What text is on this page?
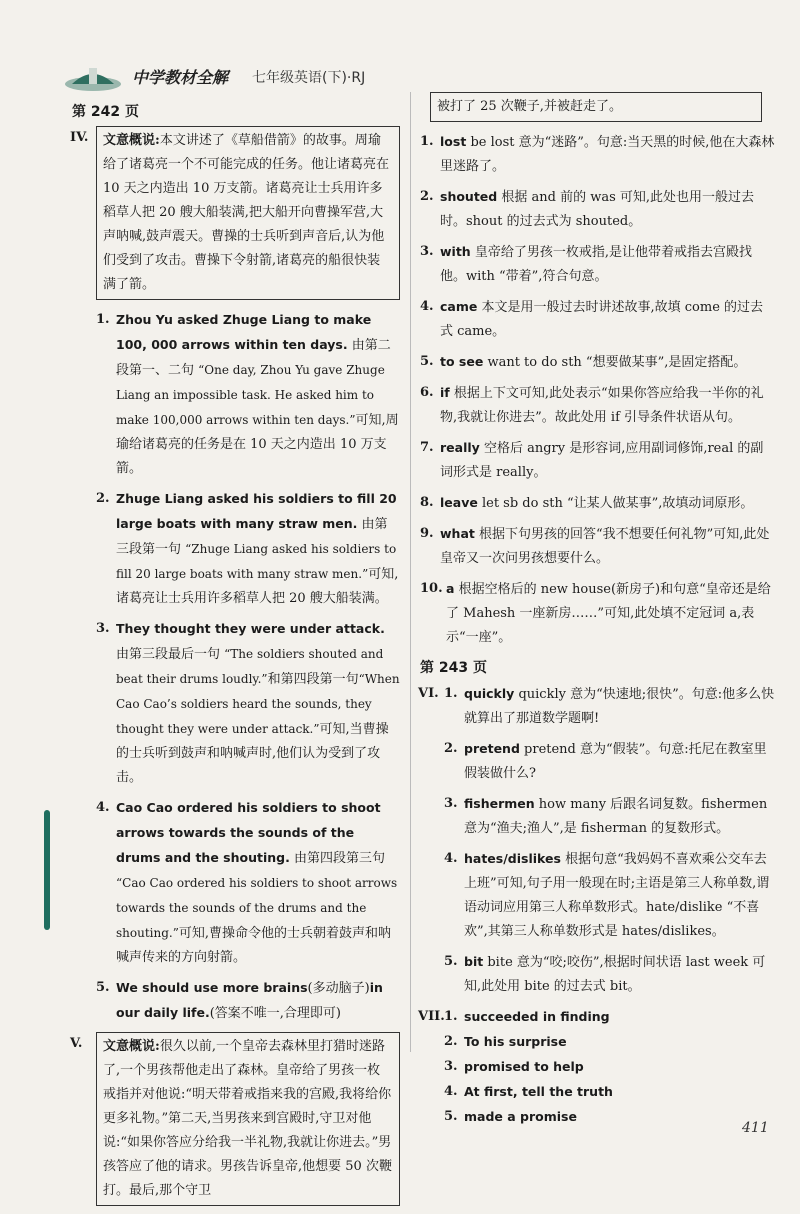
中学教材全解 七年级英语(下)·RJ
第 242 页
IV.	文意概说:本文讲述了《草船借箭》的故事。周瑜给了诸葛亮一个不可能完成的任务。他让诸葛亮在 10 天之内造出 10 万支箭。诸葛亮让士兵用许多稻草人把 20 艘大船装满,把大船开向曹操军营,大声呐喊,鼓声震天。曹操的士兵听到声音后,认为他们受到了攻击。曹操下令射箭,诸葛亮的船很快装满了箭。
1. Zhou Yu asked Zhuge Liang to make 100, 000 arrows within ten days. 由第二段第一、二句 “One day, Zhou Yu gave Zhuge Liang an impossible task. He asked him to make 100,000 arrows within ten days.”可知,周瑜给诸葛亮的任务是在 10 天之内造出 10 万支箭。
2. Zhuge Liang asked his soldiers to fill 20 large boats with many straw men. 由第三段第一句 “Zhuge Liang asked his soldiers to fill 20 large boats with many straw men.”可知,诸葛亮让士兵用许多稻草人把 20 艘大船装满。
3. They thought they were under attack. 由第三段最后一句 “The soldiers shouted and beat their drums loudly.”和第四段第一句“When Cao Cao’s soldiers heard the sounds, they thought they were under attack.”可知,当曹操的士兵听到鼓声和呐喊声时,他们认为受到了攻击。
4. Cao Cao ordered his soldiers to shoot arrows towards the sounds of the drums and the shouting. 由第四段第三句 “Cao Cao ordered his soldiers to shoot arrows towards the sounds of the drums and the shouting.”可知,曹操命令他的士兵朝着鼓声和呐喊声传来的方向射箭。
5. We should use more brains(多动脑子)in our daily life.(答案不唯一,合理即可)
V.	文意概说:很久以前,一个皇帝去森林里打猎时迷路了,一个男孩帮他走出了森林。皇帝给了男孩一枚戒指并对他说:“明天带着戒指来我的宫殿,我将给你更多礼物。”第二天,当男孩来到宫殿时,守卫对他说:“如果你答应分给我一半礼物,我就让你进去。”男孩答应了他的请求。男孩告诉皇帝,他想要 50 次鞭打。最后,那个守卫
被打了 25 次鞭子,并被赶走了。
1. lost be lost 意为“迷路”。句意:当天黑的时候,他在大森林里迷路了。
2. shouted 根据 and 前的 was 可知,此处也用一般过去时。shout 的过去式为 shouted。
3. with 皇帝给了男孩一枚戒指,是让他带着戒指去宫殿找他。with “带着”,符合句意。
4. came 本文是用一般过去时讲述故事,故填 come 的过去式 came。
5. to see want to do sth “想要做某事”,是固定搭配。
6. if 根据上下文可知,此处表示“如果你答应给我一半你的礼物,我就让你进去”。故此处用 if 引导条件状语从句。
7. really 空格后 angry 是形容词,应用副词修饰,real 的副词形式是 really。
8. leave let sb do sth “让某人做某事”,故填动词原形。
9. what 根据下句男孩的回答“我不想要任何礼物”可知,此处皇帝又一次问男孩想要什么。
10. a 根据空格后的 new house(新房子)和句意“皇帝还是给了 Mahesh 一座新房……”可知,此处填不定冠词 a,表示“一座”。
第 243 页
VI. 1. quickly quickly 意为“快速地;很快”。句意:他多么快就算出了那道数学题啊!
2. pretend pretend 意为“假装”。句意:托尼在教室里假装做什么?
3. fishermen how many 后跟名词复数。fishermen 意为“渔夫;渔人”,是 fisherman 的复数形式。
4. hates/dislikes 根据句意“我妈妈不喜欢乘公交车去上班”可知,句子用一般现在时;主语是第三人称单数,谓语动词应用第三人称单数形式。hate/dislike “不喜欢”,其第三人称单数形式是 hates/dislikes。
5. bit bite 意为“咬;咬伤”,根据时间状语 last week 可知,此处用 bite 的过去式 bit。
VII. 1. succeeded in finding
2. To his surprise
3. promised to help
4. At first, tell the truth
5. made a promise
411
